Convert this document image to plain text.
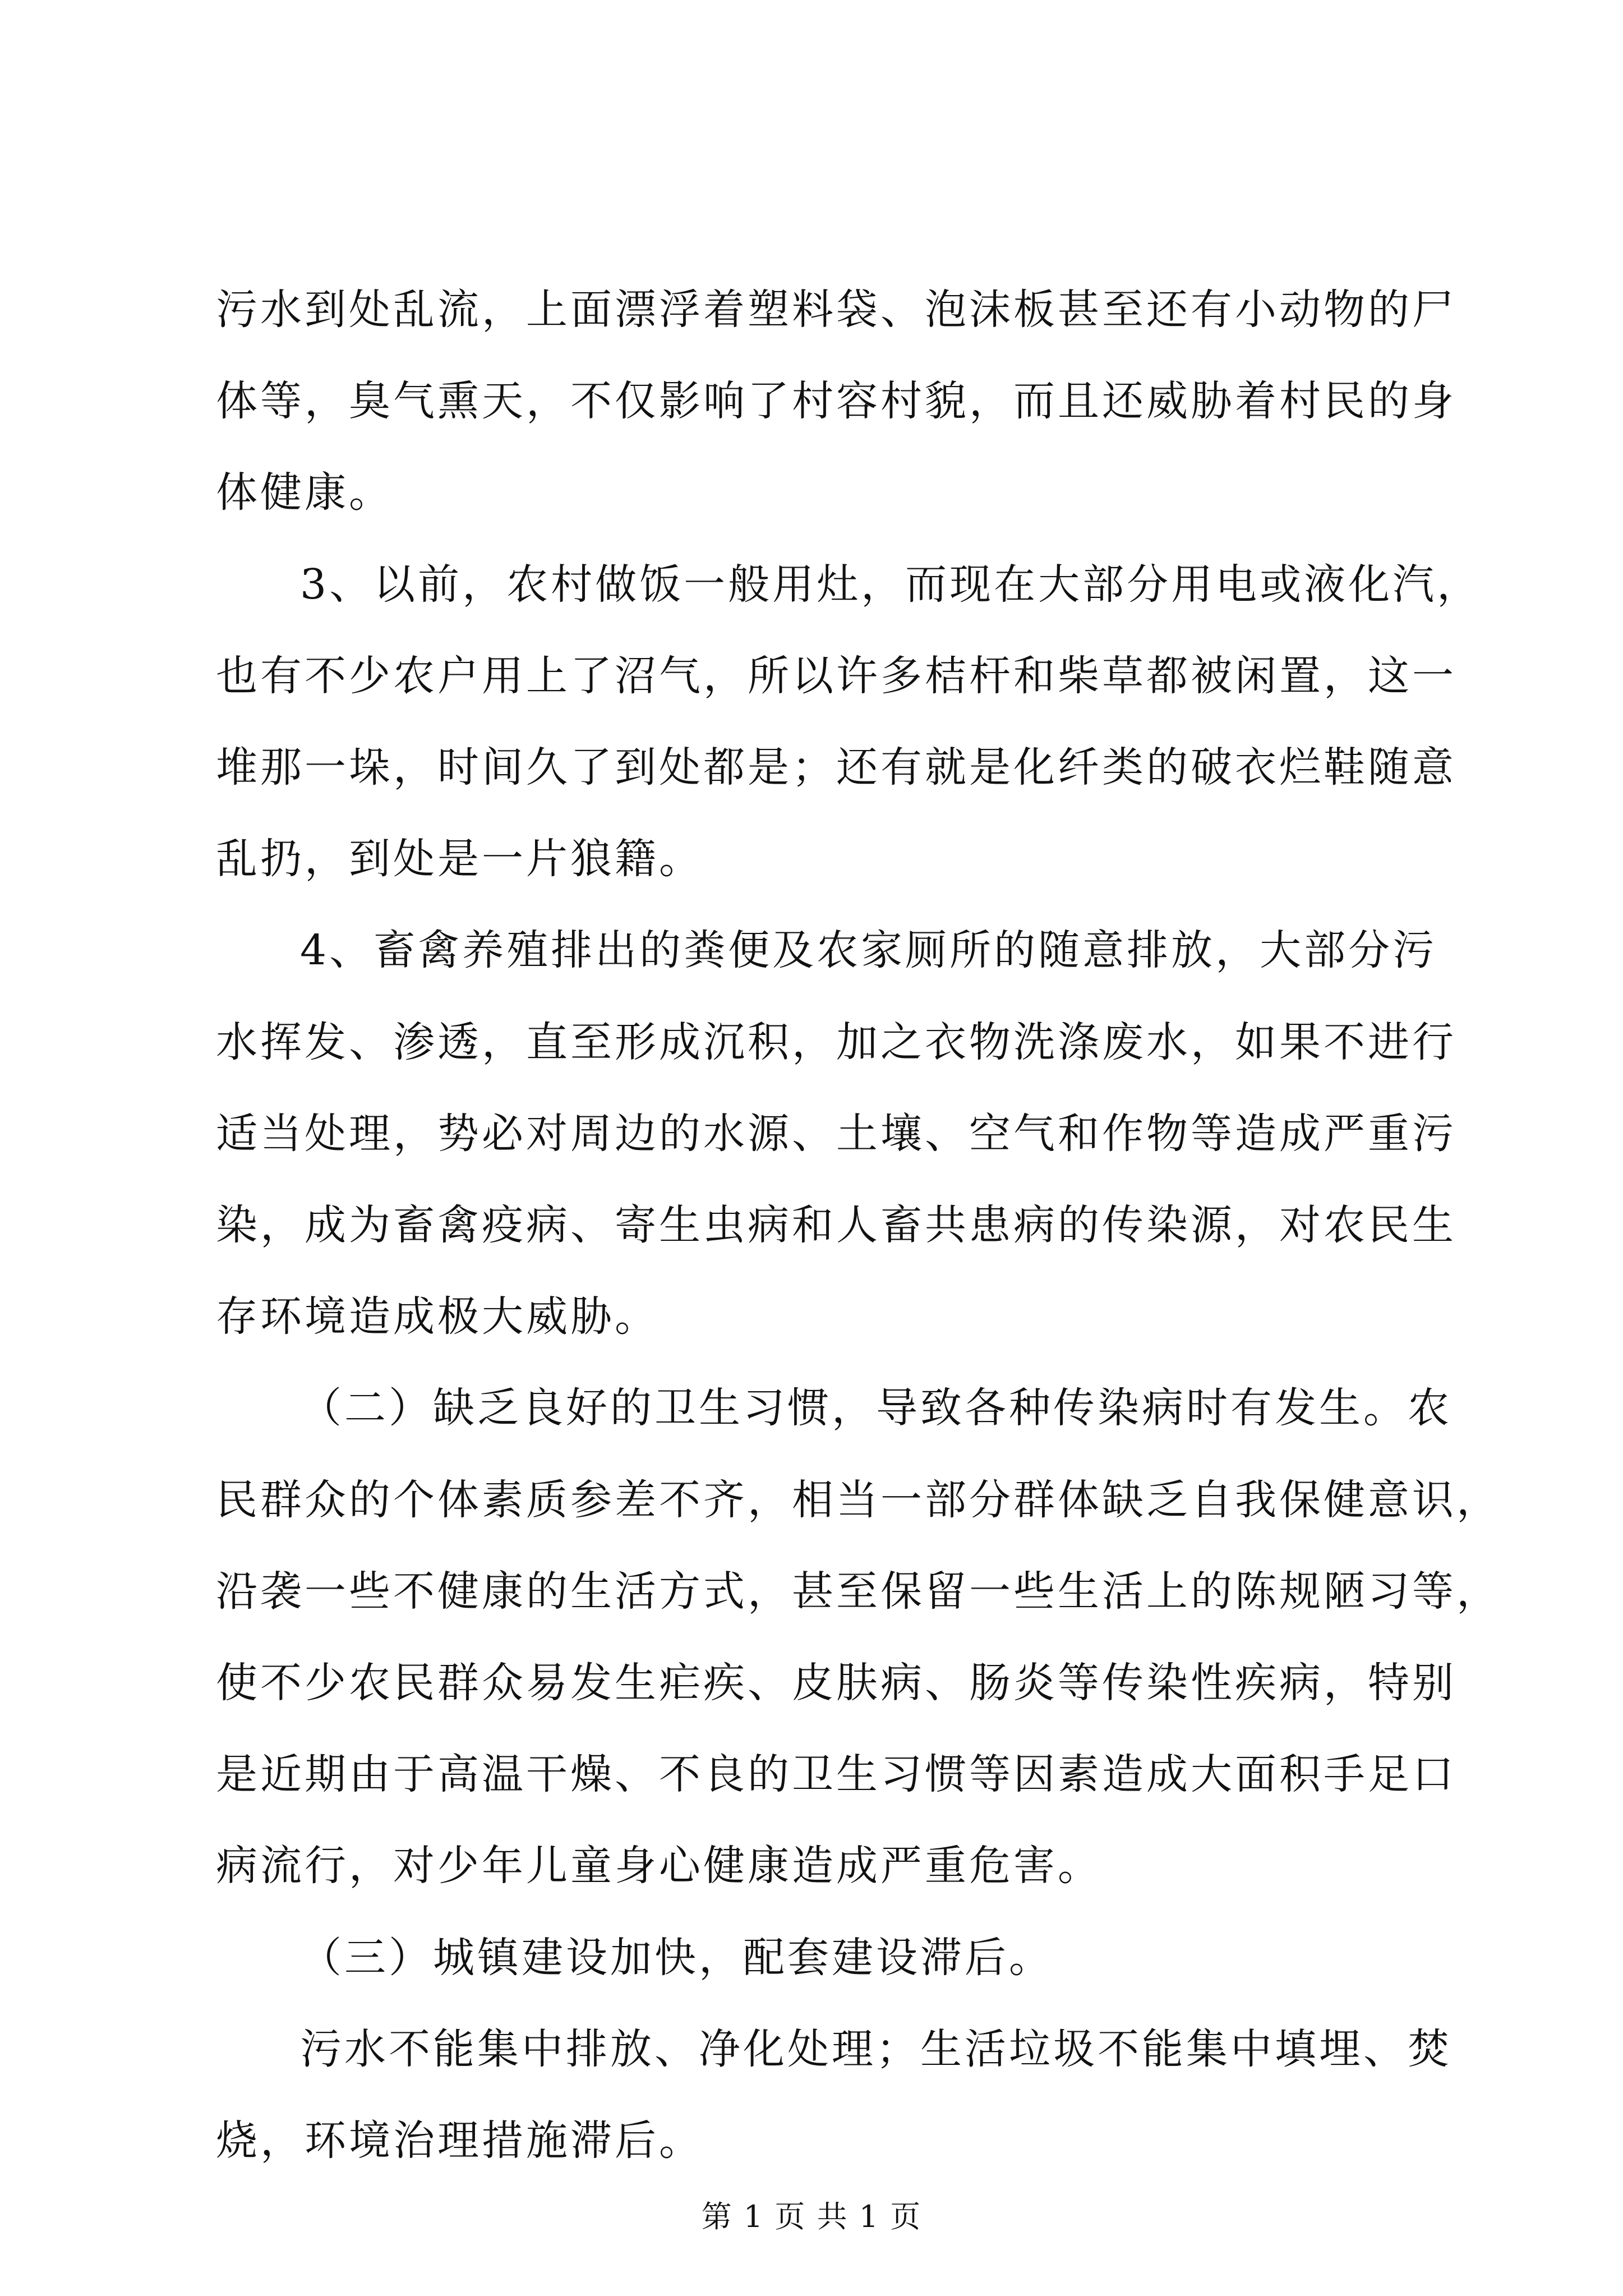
污水到处乱流，上面漂浮着塑料袋、泡沫板甚至还有小动物的尸
体等，臭气熏天，不仅影响了村容村貌，而且还威胁着村民的身
体健康。
3、以前，农村做饭一般用灶，而现在大部分用电或液化汽，
也有不少农户用上了沼气，所以许多桔杆和柴草都被闲置，这一
堆那一垛，时间久了到处都是；还有就是化纤类的破衣烂鞋随意
乱扔，到处是一片狼籍。
4、畜禽养殖排出的粪便及农家厕所的随意排放，大部分污
水挥发、渗透，直至形成沉积，加之衣物洗涤废水，如果不进行
适当处理，势必对周边的水源、土壤、空气和作物等造成严重污
染，成为畜禽疫病、寄生虫病和人畜共患病的传染源，对农民生
存环境造成极大威胁。
（二）缺乏良好的卫生习惯，导致各种传染病时有发生。农
民群众的个体素质参差不齐，相当一部分群体缺乏自我保健意识，
沿袭一些不健康的生活方式，甚至保留一些生活上的陈规陋习等，
使不少农民群众易发生疟疾、皮肤病、肠炎等传染性疾病，特别
是近期由于高温干燥、不良的卫生习惯等因素造成大面积手足口
病流行，对少年儿童身心健康造成严重危害。
（三）城镇建设加快，配套建设滞后。
污水不能集中排放、净化处理；生活垃圾不能集中填埋、焚
第 1 页 共 1 页
烧，环境治理措施滞后。
